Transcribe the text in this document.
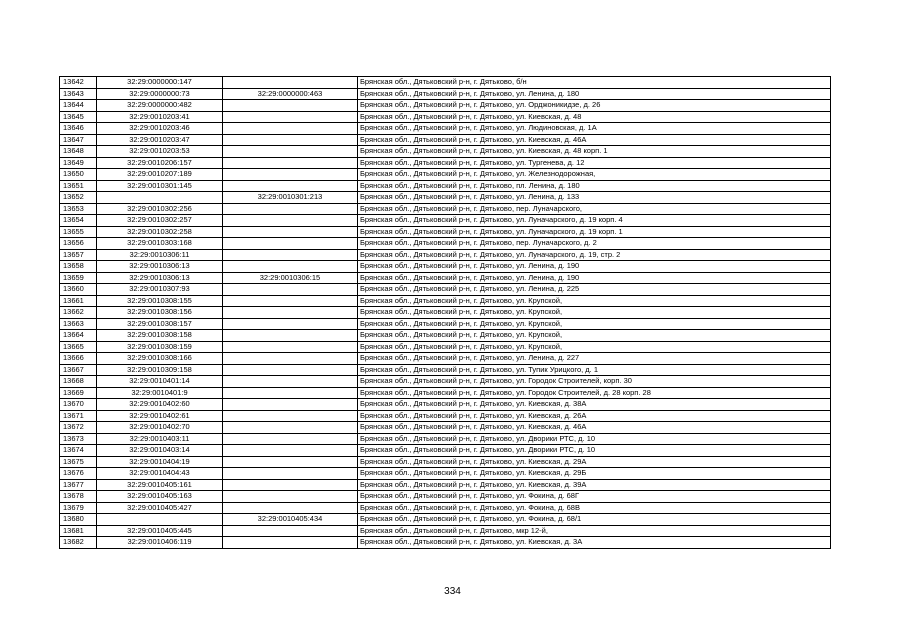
13642	32:29:0000000:147		Брянская обл., Дятьковский р-н, г. Дятьково, б/н
13643	32:29:0000000:73	32:29:0000000:463	Брянская обл., Дятьковский р-н, г. Дятьково, ул. Ленина, д. 180
13644	32:29:0000000:482		Брянская обл., Дятьковский р-н, г. Дятьково, ул. Орджоникидзе, д. 26
13645	32:29:0010203:41		Брянская обл., Дятьковский р-н, г. Дятьково, ул. Киевская, д. 48
13646	32:29:0010203:46		Брянская обл., Дятьковский р-н, г. Дятьково, ул. Людиновская, д. 1А
13647	32:29:0010203:47		Брянская обл., Дятьковский р-н, г. Дятьково, ул. Киевская, д. 46А
13648	32:29:0010203:53		Брянская обл., Дятьковский р-н, г. Дятьково, ул. Киевская, д. 48 корп. 1
13649	32:29:0010206:157		Брянская обл., Дятьковский р-н, г. Дятьково, ул. Тургенева, д. 12
13650	32:29:0010207:189		Брянская обл., Дятьковский р-н, г. Дятьково, ул. Железнодорожная,
13651	32:29:0010301:145		Брянская обл., Дятьковский р-н, г. Дятьково, пл. Ленина, д. 180
13652		32:29:0010301:213	Брянская обл., Дятьковский р-н, г. Дятьково, ул. Ленина, д. 133
13653	32:29:0010302:256		Брянская обл., Дятьковский р-н, г. Дятьково, пер. Луначарского,
13654	32:29:0010302:257		Брянская обл., Дятьковский р-н, г. Дятьково, ул. Луначарского, д. 19 корп. 4
13655	32:29:0010302:258		Брянская обл., Дятьковский р-н, г. Дятьково, ул. Луначарского, д. 19 корп. 1
13656	32:29:0010303:168		Брянская обл., Дятьковский р-н, г. Дятьково, пер. Луначарского, д. 2
13657	32:29:0010306:11		Брянская обл., Дятьковский р-н, г. Дятьково, ул. Луначарского, д. 19, стр. 2
13658	32:29:0010306:13		Брянская обл., Дятьковский р-н, г. Дятьково, ул. Ленина, д. 190
13659	32:29:0010306:13	32:29:0010306:15	Брянская обл., Дятьковский р-н, г. Дятьково, ул. Ленина, д. 190
13660	32:29:0010307:93		Брянская обл., Дятьковский р-н, г. Дятьково, ул. Ленина, д. 225
13661	32:29:0010308:155		Брянская обл., Дятьковский р-н, г. Дятьково, ул. Крупской,
13662	32:29:0010308:156		Брянская обл., Дятьковский р-н, г. Дятьково, ул. Крупской,
13663	32:29:0010308:157		Брянская обл., Дятьковский р-н, г. Дятьково, ул. Крупской,
13664	32:29:0010308:158		Брянская обл., Дятьковский р-н, г. Дятьково, ул. Крупской,
13665	32:29:0010308:159		Брянская обл., Дятьковский р-н, г. Дятьково, ул. Крупской,
13666	32:29:0010308:166		Брянская обл., Дятьковский р-н, г. Дятьково, ул. Ленина, д. 227
13667	32:29:0010309:158		Брянская обл., Дятьковский р-н, г. Дятьково, ул. Тупик Урицкого, д. 1
13668	32:29:0010401:14		Брянская обл., Дятьковский р-н, г. Дятьково, ул. Городок Строителей, корп. 30
13669	32:29:0010401:9		Брянская обл., Дятьковский р-н, г. Дятьково, ул. Городок Строителей, д. 28 корп. 28
13670	32:29:0010402:60		Брянская обл., Дятьковский р-н, г. Дятьково, ул. Киевская, д. 38А
13671	32:29:0010402:61		Брянская обл., Дятьковский р-н, г. Дятьково, ул. Киевская, д. 26А
13672	32:29:0010402:70		Брянская обл., Дятьковский р-н, г. Дятьково, ул. Киевская, д. 46А
13673	32:29:0010403:11		Брянская обл., Дятьковский р-н, г. Дятьково, ул. Дворики РТС, д. 10
13674	32:29:0010403:14		Брянская обл., Дятьковский р-н, г. Дятьково, ул. Дворики РТС, д. 10
13675	32:29:0010404:19		Брянская обл., Дятьковский р-н, г. Дятьково, ул. Киевская, д. 29А
13676	32:29:0010404:43		Брянская обл., Дятьковский р-н, г. Дятьково, ул. Киевская, д. 29Б
13677	32:29:0010405:161		Брянская обл., Дятьковский р-н, г. Дятьково, ул. Киевская, д. 39А
13678	32:29:0010405:163		Брянская обл., Дятьковский р-н, г. Дятьково, ул. Фокина, д. 68Г
13679	32:29:0010405:427		Брянская обл., Дятьковский р-н, г. Дятьково, ул. Фокина, д. 68В
13680		32:29:0010405:434	Брянская обл., Дятьковский р-н, г. Дятьково, ул. Фокина, д. 68/1
13681	32:29:0010405:445		Брянская обл., Дятьковский р-н, г. Дятьково, мкр 12-й,
13682	32:29:0010406:119		Брянская обл., Дятьковский р-н, г. Дятьково, ул. Киевская, д. 3А
334
